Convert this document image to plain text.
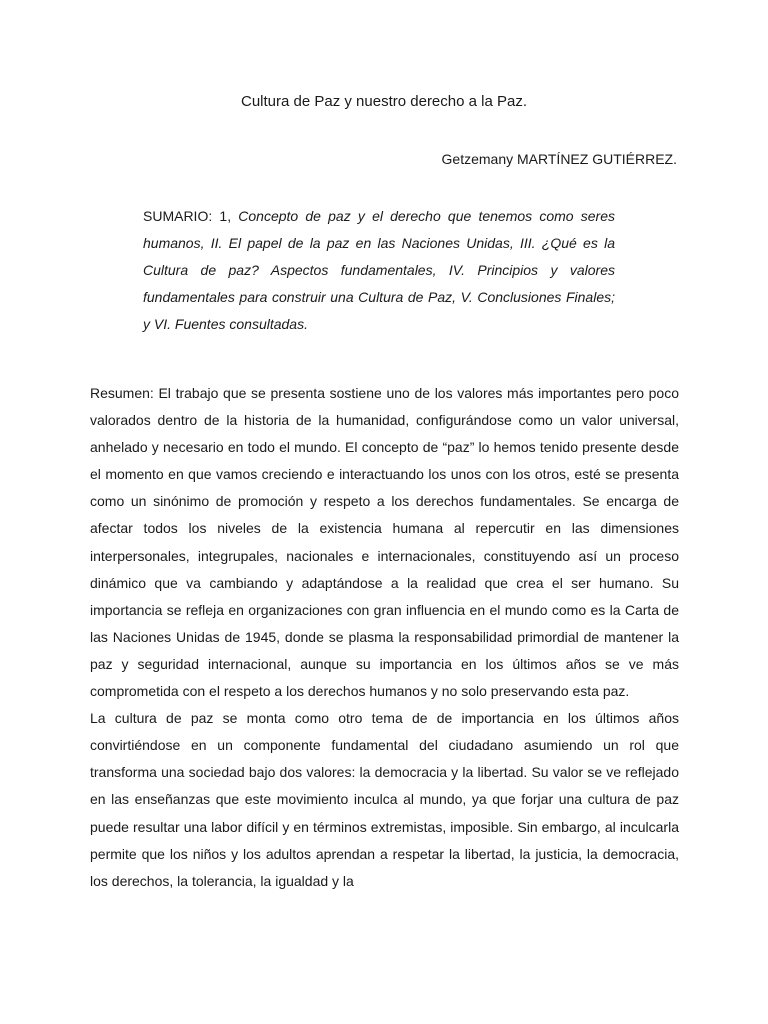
Cultura de Paz y nuestro derecho a la Paz.

Getzemany MARTÍNEZ GUTIÉRREZ.

SUMARIO: 1, Concepto de paz y el derecho que tenemos como seres humanos, II. El papel de la paz en las Naciones Unidas, III. ¿Qué es la Cultura de paz? Aspectos fundamentales, IV. Principios y valores fundamentales para construir una Cultura de Paz, V. Conclusiones Finales; y VI. Fuentes consultadas.

Resumen: El trabajo que se presenta sostiene uno de los valores más importantes pero poco valorados dentro de la historia de la humanidad, configurándose como un valor universal, anhelado y necesario en todo el mundo. El concepto de “paz” lo hemos tenido presente desde el momento en que vamos creciendo e interactuando los unos con los otros, esté se presenta como un sinónimo de promoción y respeto a los derechos fundamentales. Se encarga de afectar todos los niveles de la existencia humana al repercutir en las dimensiones interpersonales, integrupales, nacionales e internacionales, constituyendo así un proceso dinámico que va cambiando y adaptándose a la realidad que crea el ser humano. Su importancia se refleja en organizaciones con gran influencia en el mundo como es la Carta de las Naciones Unidas de 1945, donde se plasma la responsabilidad primordial de mantener la paz y seguridad internacional, aunque su importancia en los últimos años se ve más comprometida con el respeto a los derechos humanos y no solo preservando esta paz.

La cultura de paz se monta como otro tema de de importancia en los últimos años convirtiéndose en un componente fundamental del ciudadano asumiendo un rol que transforma una sociedad bajo dos valores: la democracia y la libertad. Su valor se ve reflejado en las enseñanzas que este movimiento inculca al mundo, ya que forjar una cultura de paz puede resultar una labor difícil y en términos extremistas, imposible. Sin embargo, al inculcarla permite que los niños y los adultos aprendan a respetar la libertad, la justicia, la democracia, los derechos, la tolerancia, la igualdad y la
